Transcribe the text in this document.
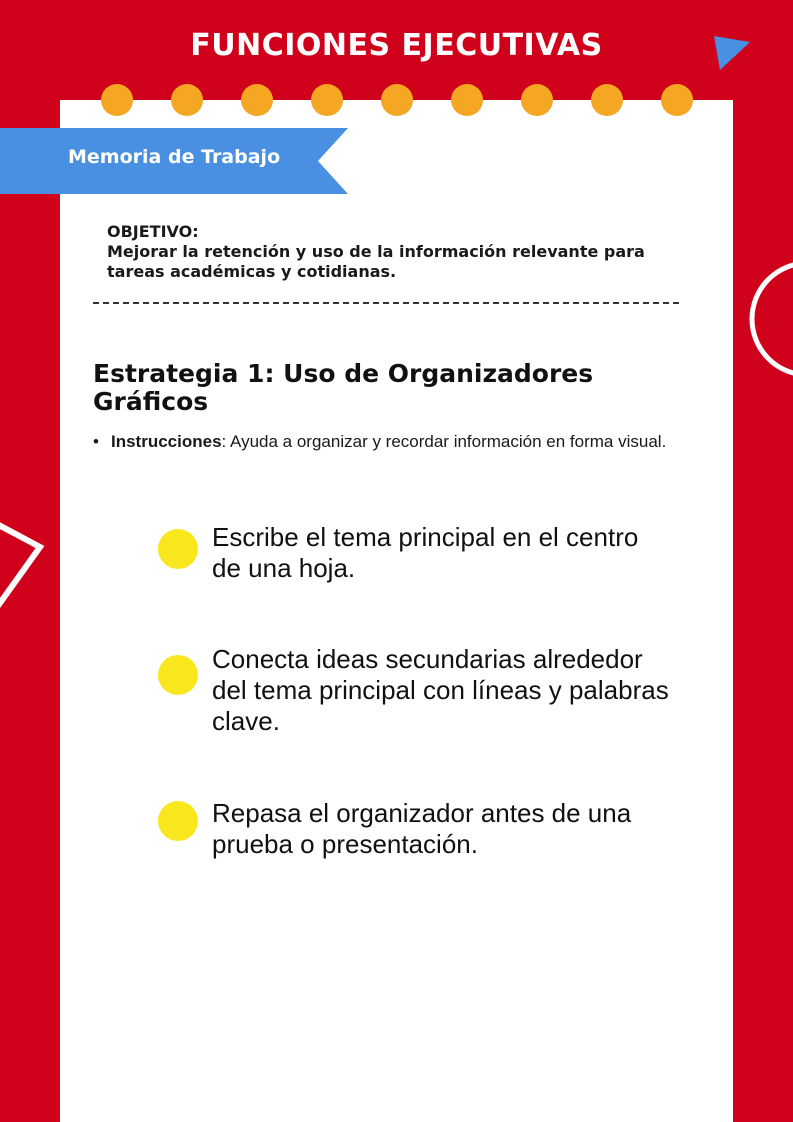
FUNCIONES EJECUTIVAS
Memoria de Trabajo
OBJETIVO:
Mejorar la retención y uso de la información relevante para tareas académicas y cotidianas.
Estrategia 1: Uso de Organizadores Gráficos
• Instrucciones: Ayuda a organizar y recordar información en forma visual.
Escribe el tema principal en el centro de una hoja.
Conecta ideas secundarias alrededor del tema principal con líneas y palabras clave.
Repasa el organizador antes de una prueba o presentación.
